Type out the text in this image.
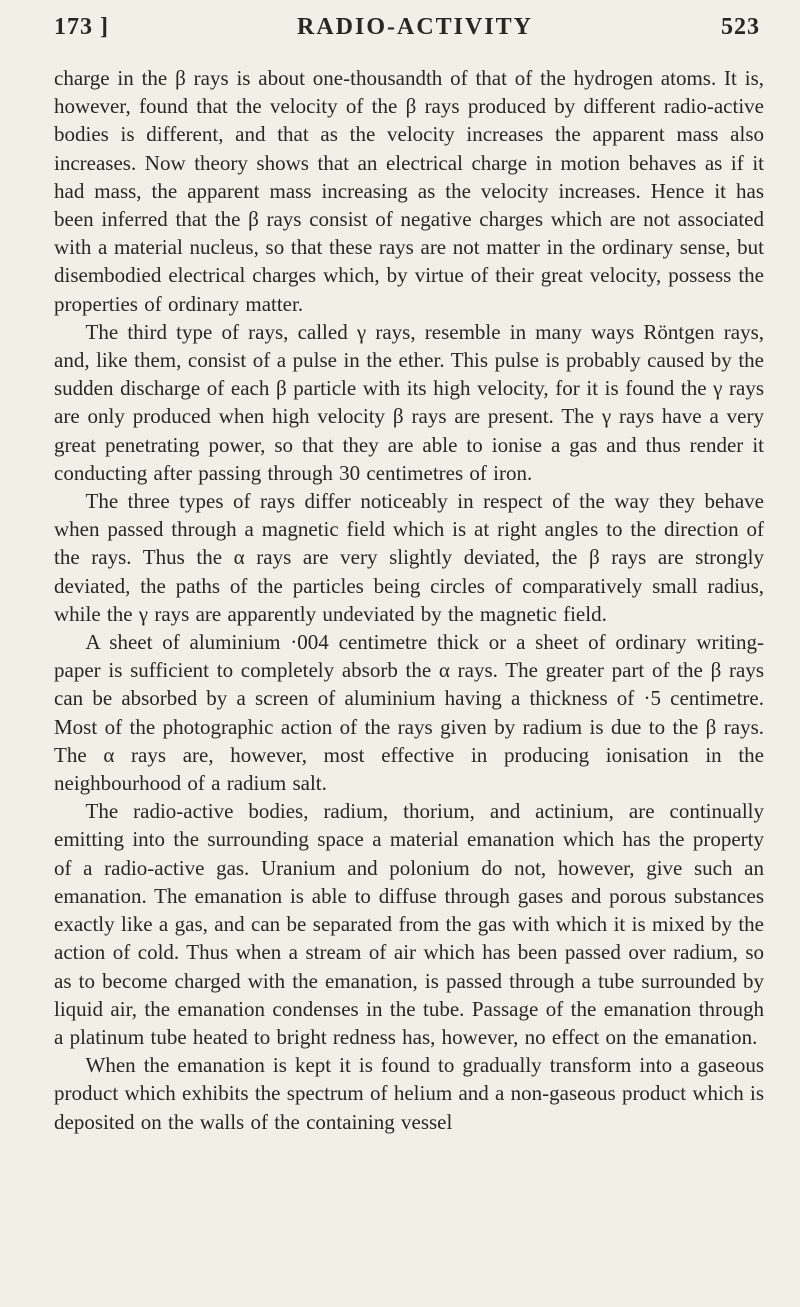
173 ]	RADIO-ACTIVITY	523

charge in the β rays is about one-thousandth of that of the hydrogen atoms. It is, however, found that the velocity of the β rays produced by different radio-active bodies is different, and that as the velocity increases the apparent mass also increases. Now theory shows that an electrical charge in motion behaves as if it had mass, the apparent mass increasing as the velocity increases. Hence it has been inferred that the β rays consist of negative charges which are not associated with a material nucleus, so that these rays are not matter in the ordinary sense, but disembodied electrical charges which, by virtue of their great velocity, possess the properties of ordinary matter.

The third type of rays, called γ rays, resemble in many ways Röntgen rays, and, like them, consist of a pulse in the ether. This pulse is probably caused by the sudden discharge of each β particle with its high velocity, for it is found the γ rays are only produced when high velocity β rays are present. The γ rays have a very great penetrating power, so that they are able to ionise a gas and thus render it conducting after passing through 30 centimetres of iron.

The three types of rays differ noticeably in respect of the way they behave when passed through a magnetic field which is at right angles to the direction of the rays. Thus the α rays are very slightly deviated, the β rays are strongly deviated, the paths of the particles being circles of comparatively small radius, while the γ rays are apparently undeviated by the magnetic field.

A sheet of aluminium ·004 centimetre thick or a sheet of ordinary writing-paper is sufficient to completely absorb the α rays. The greater part of the β rays can be absorbed by a screen of aluminium having a thickness of ·5 centimetre. Most of the photographic action of the rays given by radium is due to the β rays. The α rays are, however, most effective in producing ionisation in the neighbourhood of a radium salt.

The radio-active bodies, radium, thorium, and actinium, are continually emitting into the surrounding space a material emanation which has the property of a radio-active gas. Uranium and polonium do not, however, give such an emanation. The emanation is able to diffuse through gases and porous substances exactly like a gas, and can be separated from the gas with which it is mixed by the action of cold. Thus when a stream of air which has been passed over radium, so as to become charged with the emanation, is passed through a tube surrounded by liquid air, the emanation condenses in the tube. Passage of the emanation through a platinum tube heated to bright redness has, however, no effect on the emanation.

When the emanation is kept it is found to gradually transform into a gaseous product which exhibits the spectrum of helium and a non-gaseous product which is deposited on the walls of the containing vessel
